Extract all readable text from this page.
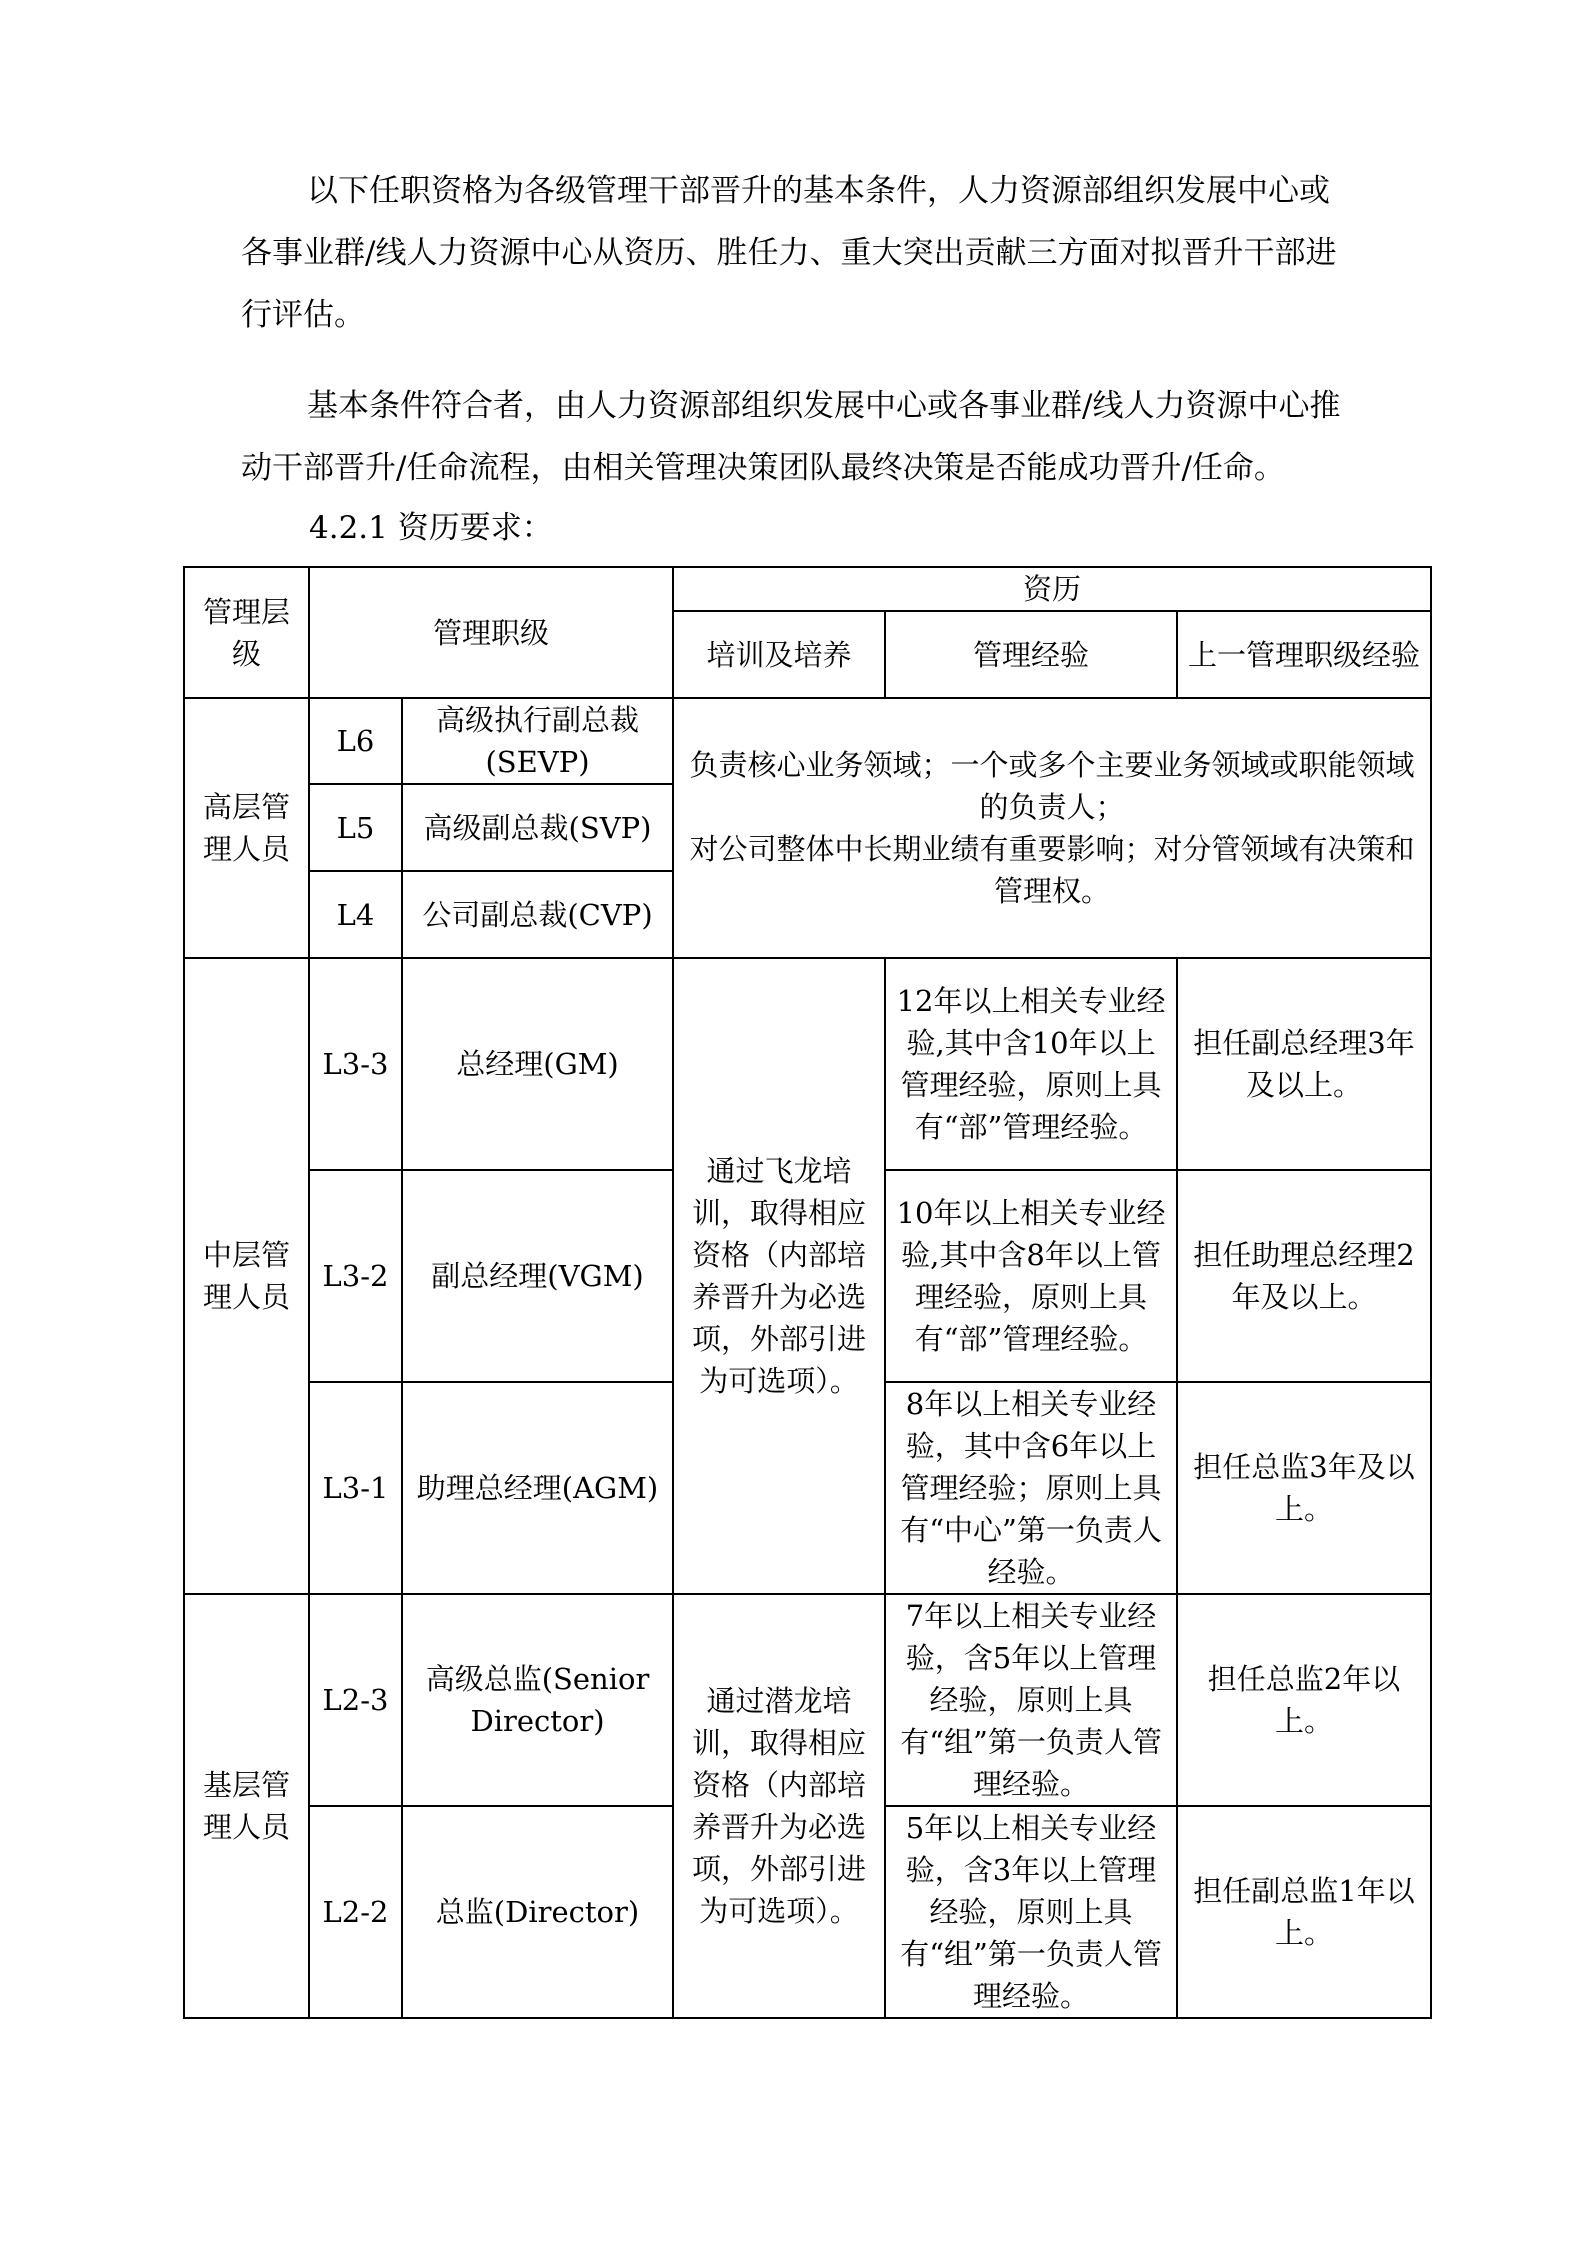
以下任职资格为各级管理干部晋升的基本条件，人力资源部组织发展中心或各事业群/线人力资源中心从资历、胜任力、重大突出贡献三方面对拟晋升干部进行评估。

基本条件符合者，由人力资源部组织发展中心或各事业群/线人力资源中心推动干部晋升/任命流程，由相关管理决策团队最终决策是否能成功晋升/任命。

4.2.1 资历要求：

管理层级	管理职级		资历		
			培训及培养	管理经验	上一管理职级经验
高层管理人员	L6	高级执行副总裁(SEVP)	负责核心业务领域；一个或多个主要业务领域或职能领域的负责人；
对公司整体中长期业绩有重要影响；对分管领域有决策和管理权。		
	L5	高级副总裁(SVP)			
	L4	公司副总裁(CVP)			
中层管理人员	L3-3	总经理(GM)	通过飞龙培训，取得相应资格（内部培养晋升为必选项，外部引进为可选项）。	12年以上相关专业经验,其中含10年以上管理经验，原则上具有“部”管理经验。	担任副总经理3年及以上。
	L3-2	副总经理(VGM)		10年以上相关专业经验,其中含8年以上管理经验，原则上具有“部”管理经验。	担任助理总经理2年及以上。
	L3-1	助理总经理(AGM)		8年以上相关专业经验，其中含6年以上管理经验；原则上具有“中心”第一负责人经验。	担任总监3年及以上。
基层管理人员	L2-3	高级总监(Senior Director)	通过潜龙培训，取得相应资格（内部培养晋升为必选项，外部引进为可选项）。	7年以上相关专业经验，含5年以上管理经验，原则上具有“组”第一负责人管理经验。	担任总监2年以上。
	L2-2	总监(Director)		5年以上相关专业经验，含3年以上管理经验，原则上具有“组”第一负责人管理经验。	担任副总监1年以上。
